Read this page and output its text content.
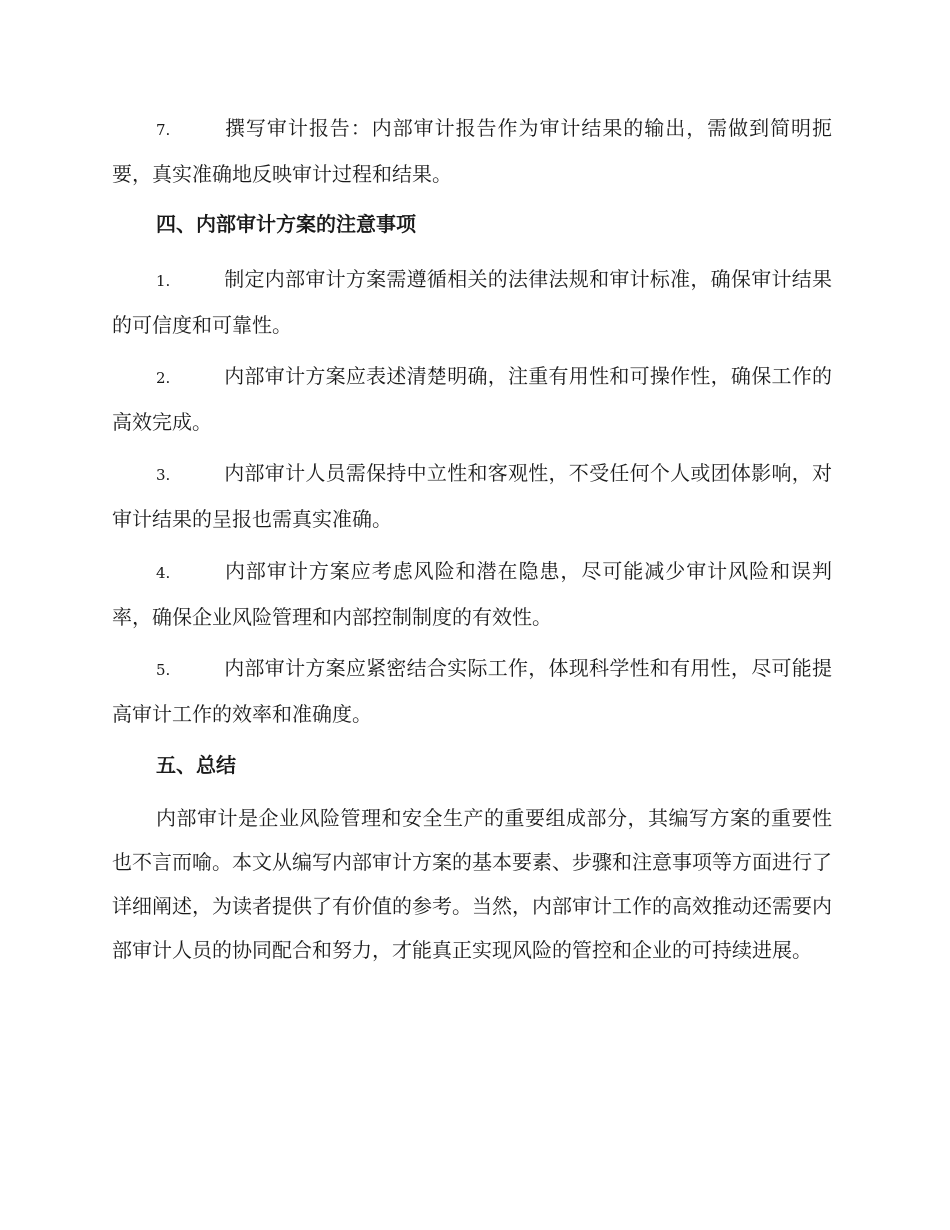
7.	撰写审计报告：内部审计报告作为审计结果的输出，需做到简明扼要，真实准确地反映审计过程和结果。

四、内部审计方案的注意事项

1.	制定内部审计方案需遵循相关的法律法规和审计标准，确保审计结果的可信度和可靠性。

2.	内部审计方案应表述清楚明确，注重有用性和可操作性，确保工作的高效完成。

3.	内部审计人员需保持中立性和客观性，不受任何个人或团体影响，对审计结果的呈报也需真实准确。

4.	内部审计方案应考虑风险和潜在隐患，尽可能减少审计风险和误判率，确保企业风险管理和内部控制制度的有效性。

5.	内部审计方案应紧密结合实际工作，体现科学性和有用性，尽可能提高审计工作的效率和准确度。

五、总结

内部审计是企业风险管理和安全生产的重要组成部分，其编写方案的重要性也不言而喻。本文从编写内部审计方案的基本要素、步骤和注意事项等方面进行了详细阐述，为读者提供了有价值的参考。当然，内部审计工作的高效推动还需要内部审计人员的协同配合和努力，才能真正实现风险的管控和企业的可持续进展。
